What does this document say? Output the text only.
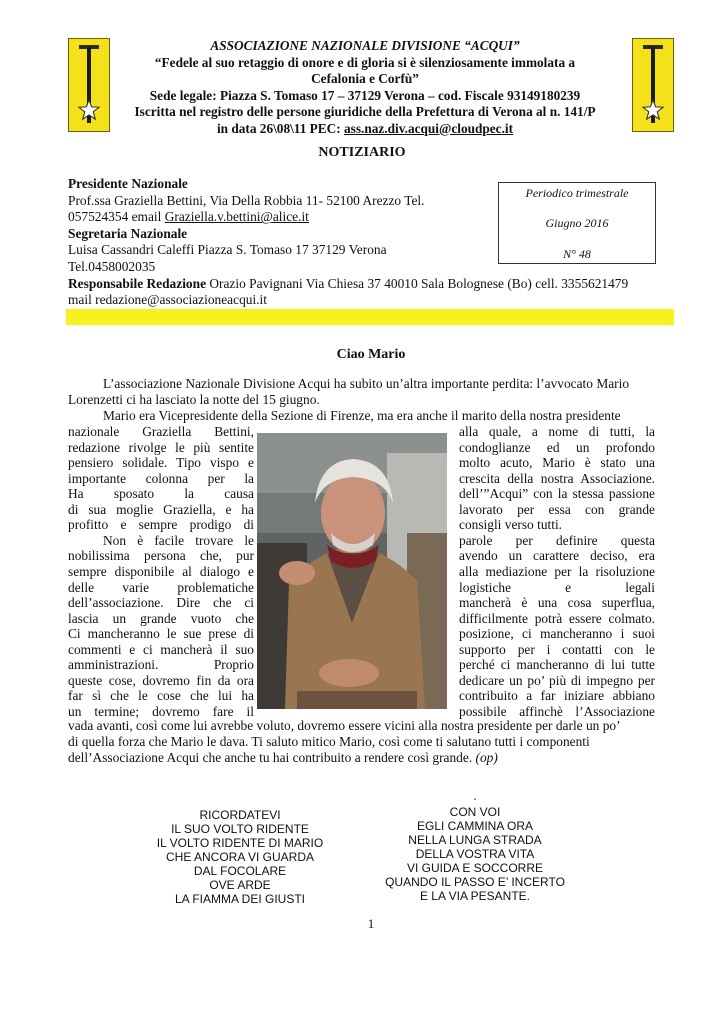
ASSOCIAZIONE NAZIONALE DIVISIONE “ACQUI”
“Fedele al suo retaggio di onore e di gloria si è silenziosamente immolata a
Cefalonia e Corfù”
Sede legale: Piazza S. Tomaso 17 – 37129 Verona – cod. Fiscale 93149180239
Iscritta nel registro delle persone giuridiche della Prefettura di Verona al n. 141/P
in data 26\08\11 PEC: ass.naz.div.acqui@cloudpec.it
NOTIZIARIO
Presidente Nazionale
Prof.ssa Graziella Bettini, Via Della Robbia 11- 52100 Arezzo Tel.
057524354 email Graziella.v.bettini@alice.it
Segretaria Nazionale
Luisa Cassandri Caleffi Piazza S. Tomaso 17 37129 Verona
Tel.0458002035
Responsabile Redazione Orazio Pavignani Via Chiesa 37 40010 Sala Bolognese (Bo) cell. 3355621479
mail redazione@associazioneacqui.it
Periodico trimestrale
Giugno 2016
N° 48
Ciao Mario
L’associazione Nazionale Divisione Acqui ha subito un’altra importante perdita: l’avvocato Mario
Lorenzetti ci ha lasciato la notte del 15 giugno.
Mario era Vicepresidente della Sezione di Firenze, ma era anche il marito della nostra presidente
nazionale Graziella Bettini,
redazione rivolge le più sentite
pensiero solidale. Tipo vispo e
importante colonna per la
Ha sposato la causa
di sua moglie Graziella, e ha
profitto e sempre prodigo di
Non è facile trovare le
nobilissima persona che, pur
sempre disponibile al dialogo e
delle varie problematiche
dell’associazione. Dire che ci
lascia un grande vuoto che
Ci mancheranno le sue prese di
commenti e ci mancherà il suo
amministrazioni. Proprio
queste cose, dovremo fin da ora
far sì che le cose che lui ha
un termine; dovremo fare il
alla quale, a nome di tutti, la
condoglianze ed un profondo
molto acuto, Mario è stato una
crescita della nostra Associazione.
dell’”Acqui” con la stessa passione
lavorato per essa con grande
consigli verso tutti.
parole per definire questa
avendo un carattere deciso, era
alla mediazione per la risoluzione
logistiche e legali
mancherà è una cosa superflua,
difficilmente potrà essere colmato.
posizione, ci mancheranno i suoi
supporto per i contatti con le
perché ci mancheranno di lui tutte
dedicare un po’ più di impegno per
contribuito a far iniziare abbiano
possibile affinchè l’Associazione
vada avanti, così come lui avrebbe voluto, dovremo essere vicini alla nostra presidente per darle un po’
di quella forza che Mario le dava. Ti saluto mitico Mario, così come ti salutano tutti i componenti
dell’Associazione Acqui che anche tu hai contribuito a rendere così grande. (op)
RICORDATEVI
IL SUO VOLTO RIDENTE
IL VOLTO RIDENTE DI MARIO
CHE ANCORA VI GUARDA
DAL FOCOLARE
OVE ARDE
LA FIAMMA DEI GIUSTI
.
CON VOI
EGLI CAMMINA ORA
NELLA LUNGA STRADA
DELLA VOSTRA VITA
VI GUIDA E SOCCORRE
QUANDO IL PASSO E’ INCERTO
E LA VIA PESANTE.
1
